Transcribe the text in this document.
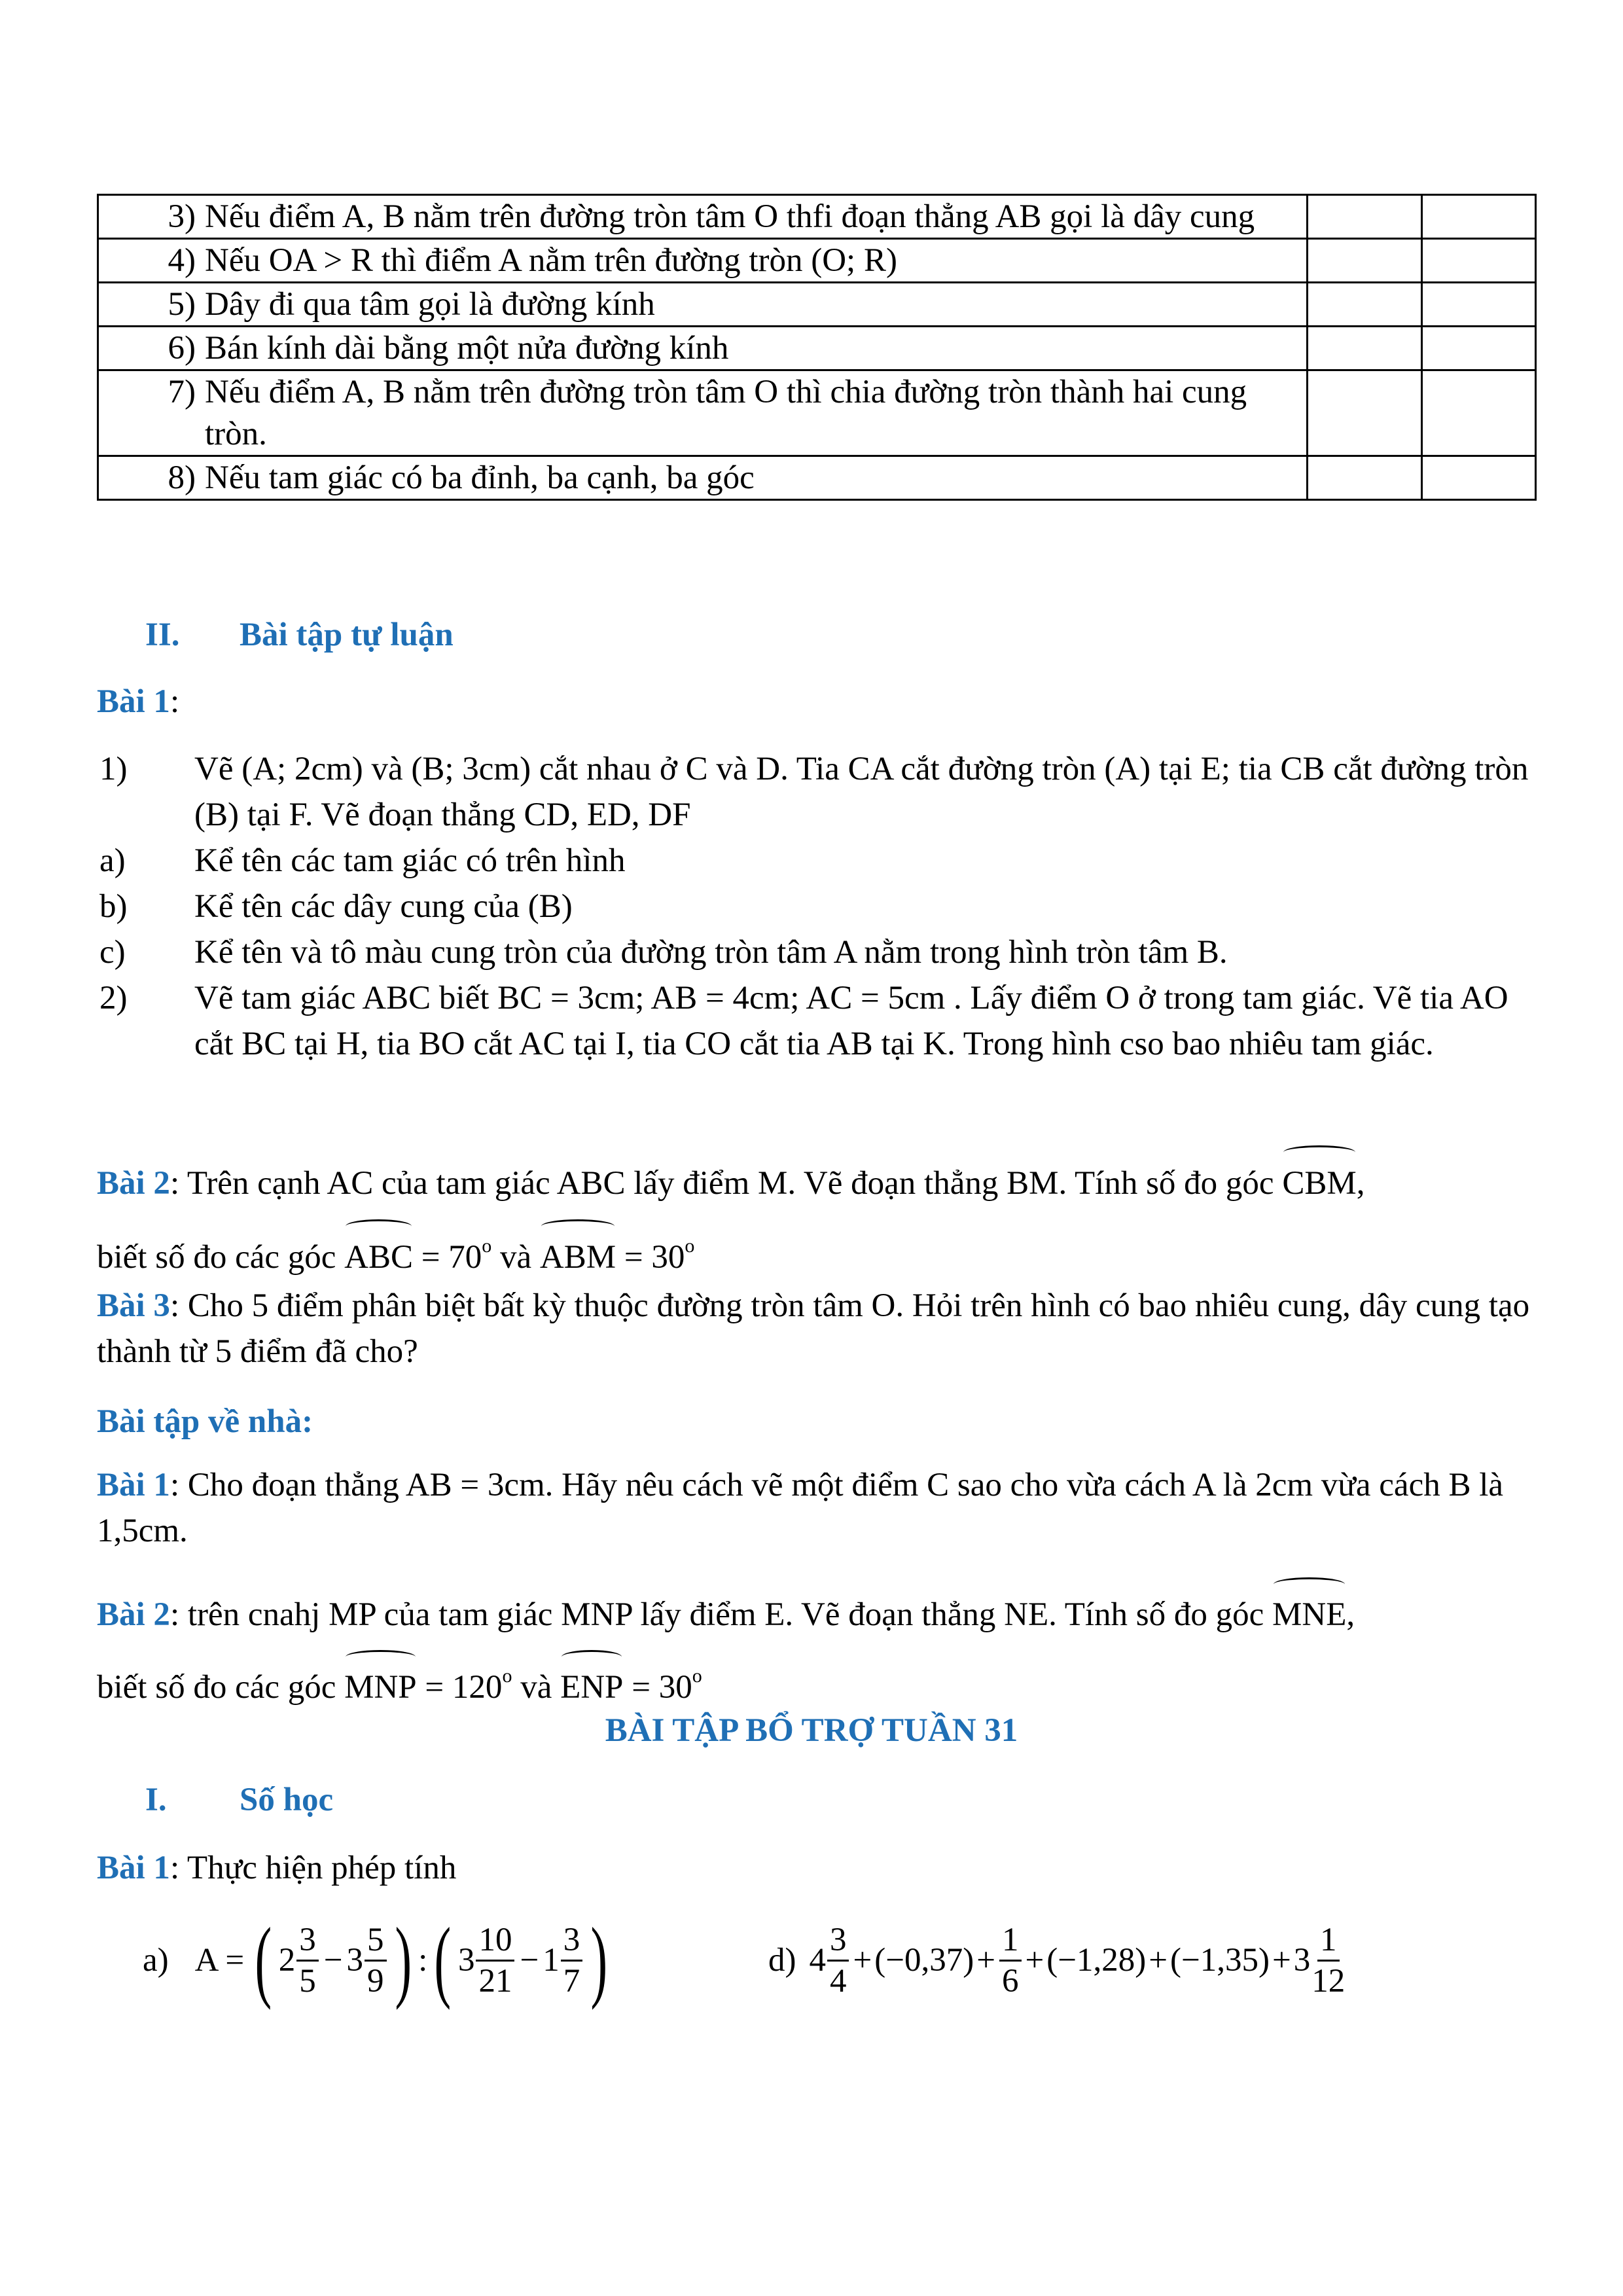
3) Nếu điểm A, B nằm trên đường tròn tâm O thfi đoạn thẳng AB gọi là dây cung		

4) Nếu OA > R thì điểm A nằm trên đường tròn (O; R)		

5) Dây đi qua tâm gọi là đường kính		

6) Bán kính dài bằng một nửa đường kính		

7) Nếu điểm A, B nằm trên đường tròn tâm O thì chia đường tròn thành hai cung tròn.		

8) Nếu tam giác có ba đỉnh, ba cạnh, ba góc		

II. Bài tập tự luận
Bài 1:
1)	Vẽ (A; 2cm) và (B; 3cm) cắt nhau ở C và D. Tia CA cắt đường tròn (A) tại E; tia CB cắt đường tròn (B) tại F. Vẽ đoạn thẳng CD, ED, DF
a)	Kể tên các tam giác có trên hình
b)	Kể tên các dây cung của (B)
c)	Kể tên và tô màu cung tròn của đường tròn tâm A nằm trong hình tròn tâm B.
2)	Vẽ tam giác ABC biết BC = 3cm; AB = 4cm; AC = 5cm . Lấy điểm O ở trong tam giác. Vẽ tia AO cắt BC tại H, tia BO cắt AC tại I, tia CO cắt tia AB tại K. Trong hình cso bao nhiêu tam giác.
Bài 2: Trên cạnh AC của tam giác ABC lấy điểm M. Vẽ đoạn thẳng BM. Tính số đo góc CBM,
biết số đo các góc ABC = $70^o$ và ABM = $30^o$
Bài 3: Cho 5 điểm phân biệt bất kỳ thuộc đường tròn tâm O. Hỏi trên hình có bao nhiêu cung, dây cung tạo thành từ 5 điểm đã cho?
Bài tập về nhà:
Bài 1: Cho đoạn thẳng AB = 3cm. Hãy nêu cách vẽ một điểm C sao cho vừa cách A là 2cm vừa cách B là 1,5cm.
Bài 2: trên cnahj MP của tam giác MNP lấy điểm E. Vẽ đoạn thẳng NE. Tính số đo góc MNE,
biết số đo các góc MNP = $120^o$ và ENP = $30^o$
BÀI TẬP BỔ TRỢ TUẦN 31
I. Số học
Bài 1: Thực hiện phép tính
a) A = ( $2 \frac{3}{5} - 3 \frac{5}{9}$ ) : ( $3 \frac{10}{21} - 1 \frac{3}{7}$ )	d) $4 \frac{3}{4} + (-0,37) + \frac{1}{6} + (-1,28) + (-1,35) + 3 \frac{1}{12}$
